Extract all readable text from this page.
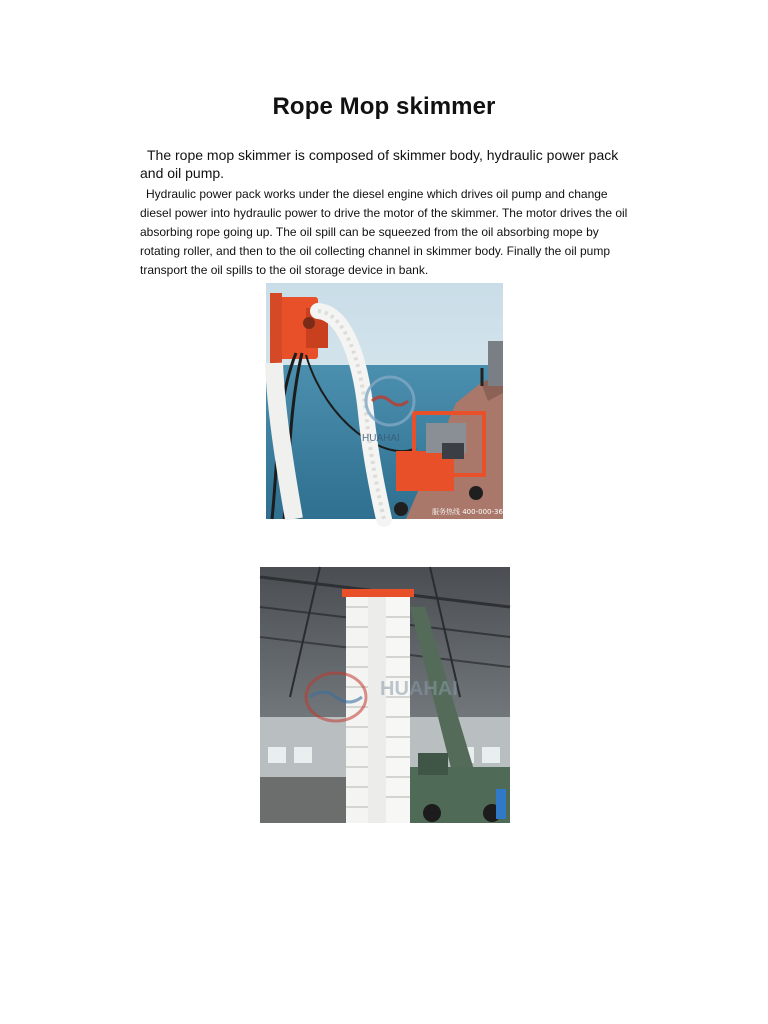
Rope Mop skimmer

The rope mop skimmer is composed of skimmer body, hydraulic power pack and oil pump.

Hydraulic power pack works under the diesel engine which drives oil pump and change diesel power into hydraulic power to drive the motor of the skimmer. The motor drives the oil absorbing rope going up. The oil spill can be squeezed from the oil absorbing mope by rotating roller, and then to the oil collecting channel in skimmer body. Finally the oil pump transport the oil spills to the oil storage device in bank.

HUAHAI
服务热线 400-000-3677
HUAHAI
